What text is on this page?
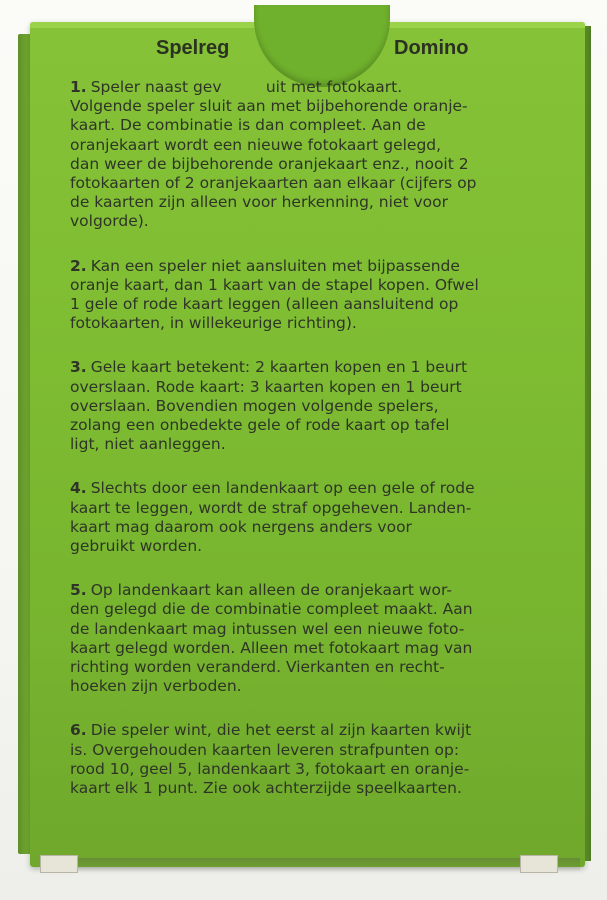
Spelreg	Domino
1. Speler naast gev         uit met fotokaart.
Volgende speler sluit aan met bijbehorende oranje-
kaart. De combinatie is dan compleet. Aan de
oranjekaart wordt een nieuwe fotokaart gelegd,
dan weer de bijbehorende oranjekaart enz., nooit 2
fotokaarten of 2 oranjekaarten aan elkaar (cijfers op
de kaarten zijn alleen voor herkenning, niet voor
volgorde).
2. Kan een speler niet aansluiten met bijpassende
oranje kaart, dan 1 kaart van de stapel kopen. Ofwel
1 gele of rode kaart leggen (alleen aansluitend op
fotokaarten, in willekeurige richting).
3. Gele kaart betekent: 2 kaarten kopen en 1 beurt
overslaan. Rode kaart: 3 kaarten kopen en 1 beurt
overslaan. Bovendien mogen volgende spelers,
zolang een onbedekte gele of rode kaart op tafel
ligt, niet aanleggen.
4. Slechts door een landenkaart op een gele of rode
kaart te leggen, wordt de straf opgeheven. Landen-
kaart mag daarom ook nergens anders voor
gebruikt worden.
5. Op landenkaart kan alleen de oranjekaart wor-
den gelegd die de combinatie compleet maakt. Aan
de landenkaart mag intussen wel een nieuwe foto-
kaart gelegd worden. Alleen met fotokaart mag van
richting worden veranderd. Vierkanten en recht-
hoeken zijn verboden.
6. Die speler wint, die het eerst al zijn kaarten kwijt
is. Overgehouden kaarten leveren strafpunten op:
rood 10, geel 5, landenkaart 3, fotokaart en oranje-
kaart elk 1 punt. Zie ook achterzijde speelkaarten.
